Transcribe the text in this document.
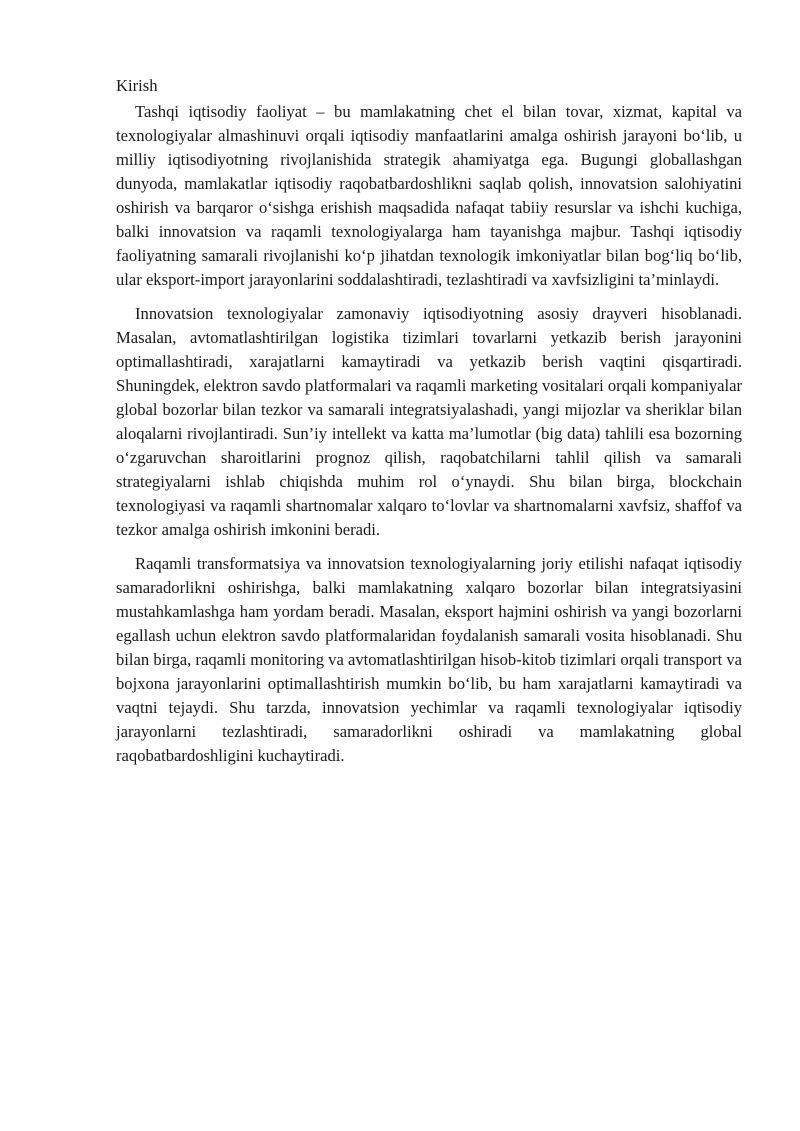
Kirish

Tashqi iqtisodiy faoliyat – bu mamlakatning chet el bilan tovar, xizmat, kapital va texnologiyalar almashinuvi orqali iqtisodiy manfaatlarini amalga oshirish jarayoni bo‘lib, u milliy iqtisodiyotning rivojlanishida strategik ahamiyatga ega. Bugungi globallashgan dunyoda, mamlakatlar iqtisodiy raqobatbardoshlikni saqlab qolish, innovatsion salohiyatini oshirish va barqaror o‘sishga erishish maqsadida nafaqat tabiiy resurslar va ishchi kuchiga, balki innovatsion va raqamli texnologiyalarga ham tayanishga majbur. Tashqi iqtisodiy faoliyatning samarali rivojlanishi ko‘p jihatdan texnologik imkoniyatlar bilan bog‘liq bo‘lib, ular eksport-import jarayonlarini soddalashtiradi, tezlashtiradi va xavfsizligini ta’minlaydi.

Innovatsion texnologiyalar zamonaviy iqtisodiyotning asosiy drayveri hisoblanadi. Masalan, avtomatlashtirilgan logistika tizimlari tovarlarni yetkazib berish jarayonini optimallashtiradi, xarajatlarni kamaytiradi va yetkazib berish vaqtini qisqartiradi. Shuningdek, elektron savdo platformalari va raqamli marketing vositalari orqali kompaniyalar global bozorlar bilan tezkor va samarali integratsiyalashadi, yangi mijozlar va sheriklar bilan aloqalarni rivojlantiradi. Sun’iy intellekt va katta ma’lumotlar (big data) tahlili esa bozorning o‘zgaruvchan sharoitlarini prognoz qilish, raqobatchilarni tahlil qilish va samarali strategiyalarni ishlab chiqishda muhim rol o‘ynaydi. Shu bilan birga, blockchain texnologiyasi va raqamli shartnomalar xalqaro to‘lovlar va shartnomalarni xavfsiz, shaffof va tezkor amalga oshirish imkonini beradi.

Raqamli transformatsiya va innovatsion texnologiyalarning joriy etilishi nafaqat iqtisodiy samaradorlikni oshirishga, balki mamlakatning xalqaro bozorlar bilan integratsiyasini mustahkamlashga ham yordam beradi. Masalan, eksport hajmini oshirish va yangi bozorlarni egallash uchun elektron savdo platformalaridan foydalanish samarali vosita hisoblanadi. Shu bilan birga, raqamli monitoring va avtomatlashtirilgan hisob-kitob tizimlari orqali transport va bojxona jarayonlarini optimallashtirish mumkin bo‘lib, bu ham xarajatlarni kamaytiradi va vaqtni tejaydi. Shu tarzda, innovatsion yechimlar va raqamli texnologiyalar iqtisodiy jarayonlarni tezlashtiradi, samaradorlikni oshiradi va mamlakatning global raqobatbardoshligini kuchaytiradi.
